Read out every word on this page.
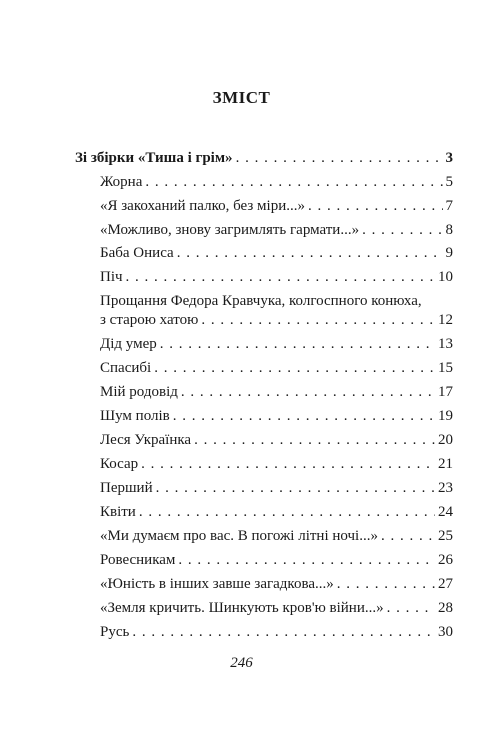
ЗМІСТ
Зі збірки «Тиша і грім» . . .	3
Жорна . . .	5
«Я закоханий палко, без міри...» . . .	7
«Можливо, знову загримлять гармати...» . . .	8
Баба Ониса . . .	9
Піч . . .	10
Прощання Федора Кравчука, колгоспного конюха,
з старою хатою . . .	12
Дід умер . . .	13
Спасибі . . .	15
Мій родовід . . .	17
Шум полів . . .	19
Леся Українка . . .	20
Косар . . .	21
Перший . . .	23
Квіти . . .	24
«Ми думаєм про вас. В погожі літні ночі...» . . .	25
Ровесникам . . .	26
«Юність в інших завше загадкова...» . . .	27
«Земля кричить. Шинкують кров'ю війни...» . . .	28
Русь . . .	30
246
